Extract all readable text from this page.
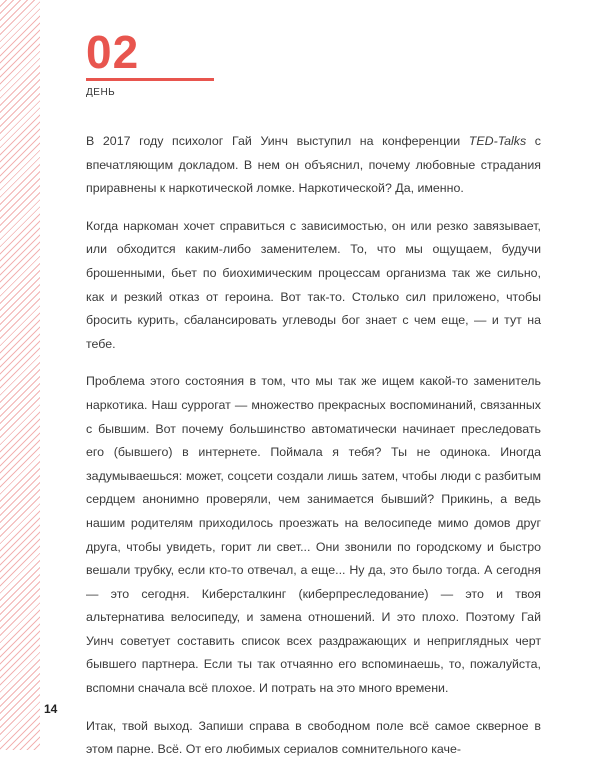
02
ДЕНЬ

В 2017 году психолог Гай Уинч выступил на конференции TED-Talks с впечатляющим докладом. В нем он объяснил, почему любовные страдания приравнены к наркотической ломке. Наркотической? Да, именно.

Когда наркоман хочет справиться с зависимостью, он или резко завязывает, или обходится каким-либо заменителем. То, что мы ощущаем, будучи брошенными, бьет по биохимическим процессам организма так же сильно, как и резкий отказ от героина. Вот так-то. Столько сил приложено, чтобы бросить курить, сбалансировать углеводы бог знает с чем еще, — и тут на тебе.

Проблема этого состояния в том, что мы так же ищем какой-то заменитель наркотика. Наш суррогат — множество прекрасных воспоминаний, связанных с бывшим. Вот почему большинство автоматически начинает преследовать его (бывшего) в интернете. Поймала я тебя? Ты не одинока. Иногда задумываешься: может, соцсети создали лишь затем, чтобы люди с разбитым сердцем анонимно проверяли, чем занимается бывший? Прикинь, а ведь нашим родителям приходилось проезжать на велосипеде мимо домов друг друга, чтобы увидеть, горит ли свет... Они звонили по городскому и быстро вешали трубку, если кто-то отвечал, а еще... Ну да, это было тогда. А сегодня — это сегодня. Киберсталкинг (киберпреследование) — это и твоя альтернатива велосипеду, и замена отношений. И это плохо. Поэтому Гай Уинч советует составить список всех раздражающих и неприглядных черт бывшего партнера. Если ты так отчаянно его вспоминаешь, то, пожалуйста, вспомни сначала всё плохое. И потрать на это много времени.

Итак, твой выход. Запиши справа в свободном поле всё самое скверное в этом парне. Всё. От его любимых сериалов сомнительного каче-

14
